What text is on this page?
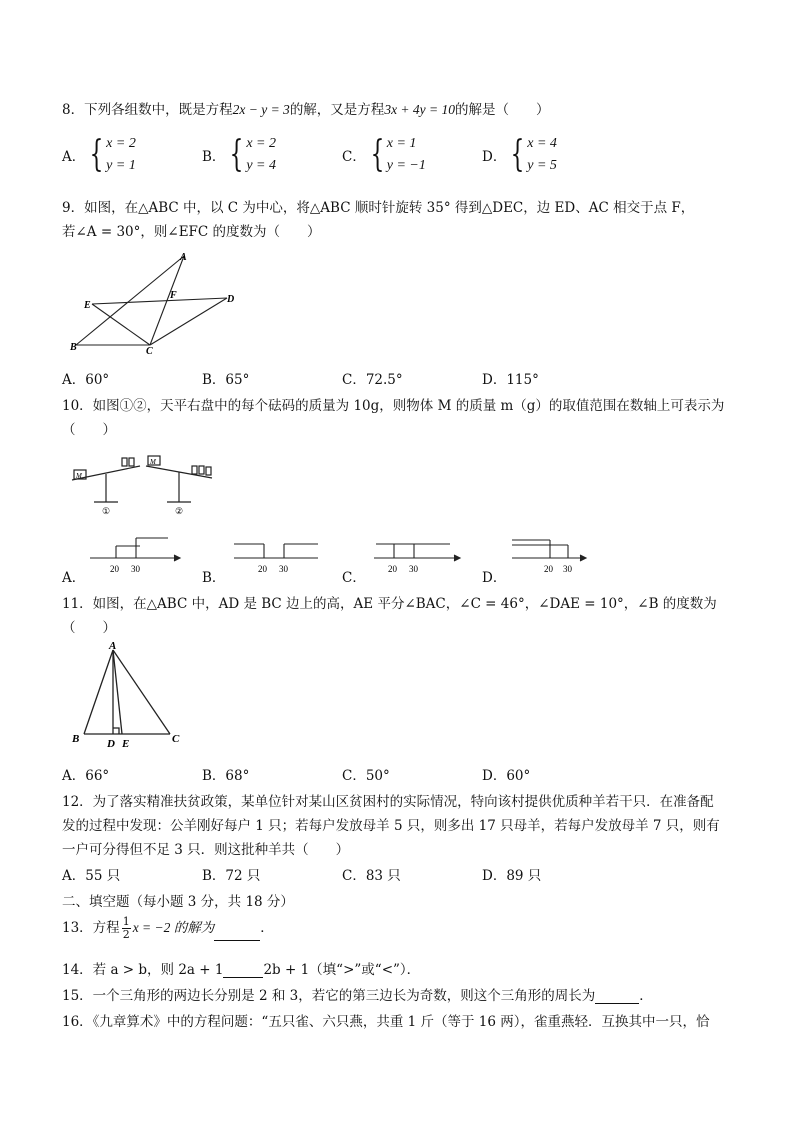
8．下列各组数中，既是方程2x − y = 3的解，又是方程3x + 4y = 10的解是（　　）
A． { x = 2
y = 1
B． { x = 2
y = 4
C． { x = 1
y = −1
D． { x = 4
y = 5
9．如图，在△ABC 中，以 C 为中心，将△ABC 顺时针旋转 35° 得到△DEC，边 ED、AC 相交于点 F，
若∠A = 30°，则∠EFC 的度数为（　　）
A
E
F	D
B	C
A．60°	B．65°	C．72.5°	D．115°
10．如图①②，天平右盘中的每个砝码的质量为 10g，则物体 M 的质量 m（g）的取值范围在数轴上可表示为
（　　）
M
M
①	②
A．
20 30
B．
20 30
C．
20 30
D．
20 30
11．如图，在△ABC 中，AD 是 BC 边上的高，AE 平分∠BAC，∠C = 46°，∠DAE = 10°，∠B 的度数为
（　　）
A
B	D E	C
A．66°	B．68°	C．50°	D．60°
12．为了落实精准扶贫政策，某单位针对某山区贫困村的实际情况，特向该村提供优质种羊若干只．在准备配
发的过程中发现：公羊刚好每户 1 只；若每户发放母羊 5 只，则多出 17 只母羊，若每户发放母羊 7 只，则有
一户可分得但不足 3 只．则这批种羊共（　　）
A．55 只	B．72 只	C．83 只	D．89 只
二、填空题（每小题 3 分，共 18 分）
13．方程 $\frac{1}{2}$ x = −2 的解为	．
14．若 a > b，则 2a + 1	2b + 1（填“>”或“<”）．
15．一个三角形的两边长分别是 2 和 3，若它的第三边长为奇数，则这个三角形的周长为	．
16．《九章算术》中的方程问题：“五只雀、六只燕，共重 1 斤（等于 16 两），雀重燕轻．互换其中一只，恰
